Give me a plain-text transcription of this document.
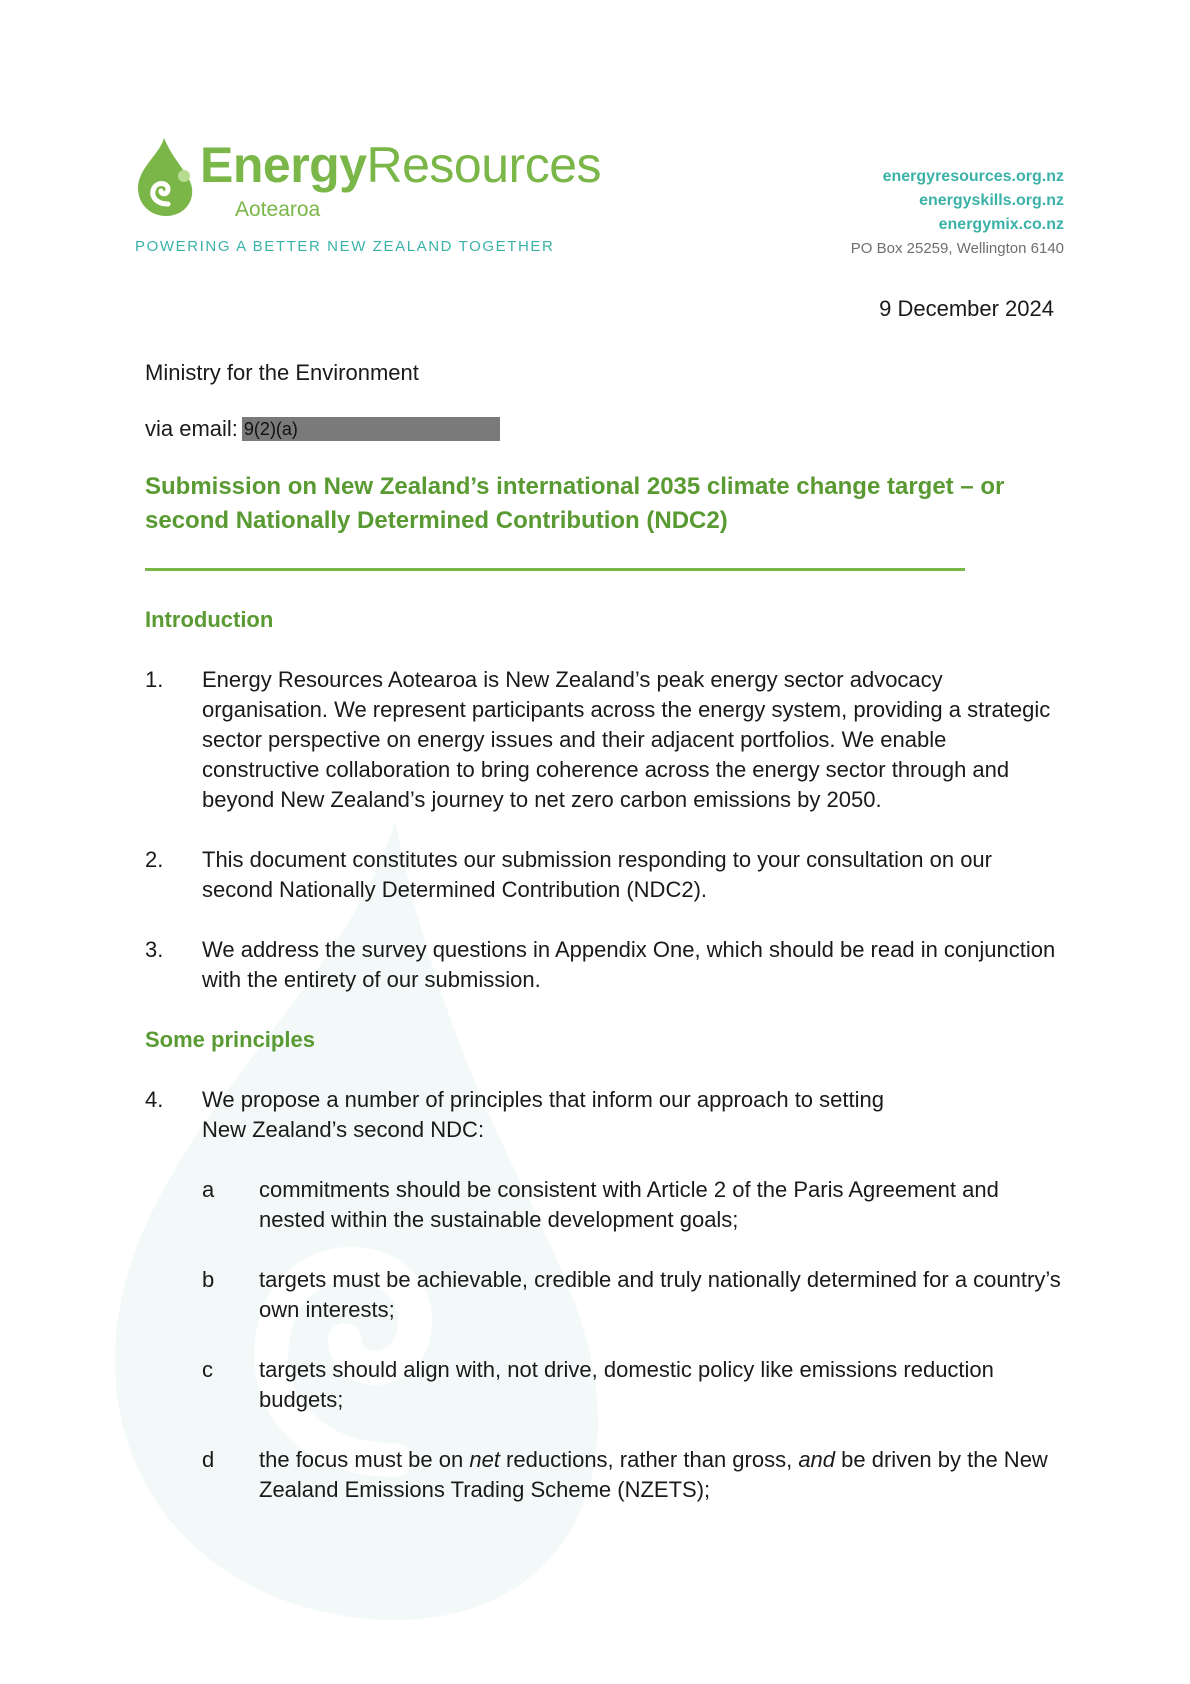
EnergyResources
Aotearoa
POWERING A BETTER NEW ZEALAND TOGETHER
energyresources.org.nz
energyskills.org.nz
energymix.co.nz
PO Box 25259, Wellington 6140
9 December 2024

Ministry for the Environment

via email: 9(2)(a)
Submission on New Zealand’s international 2035 climate change target – or second Nationally Determined Contribution (NDC2)
Introduction
1.	Energy Resources Aotearoa is New Zealand’s peak energy sector advocacy organisation. We represent participants across the energy system, providing a strategic sector perspective on energy issues and their adjacent portfolios. We enable constructive collaboration to bring coherence across the energy sector through and beyond New Zealand’s journey to net zero carbon emissions by 2050.
2.	This document constitutes our submission responding to your consultation on our second Nationally Determined Contribution (NDC2).
3.	We address the survey questions in Appendix One, which should be read in conjunction with the entirety of our submission.
Some principles
4.	We propose a number of principles that inform our approach to setting
New Zealand’s second NDC:
a	commitments should be consistent with Article 2 of the Paris Agreement and nested within the sustainable development goals;
b	targets must be achievable, credible and truly nationally determined for a country’s own interests;
c	targets should align with, not drive, domestic policy like emissions reduction budgets;
d	the focus must be on net reductions, rather than gross, and be driven by the New Zealand Emissions Trading Scheme (NZETS);
